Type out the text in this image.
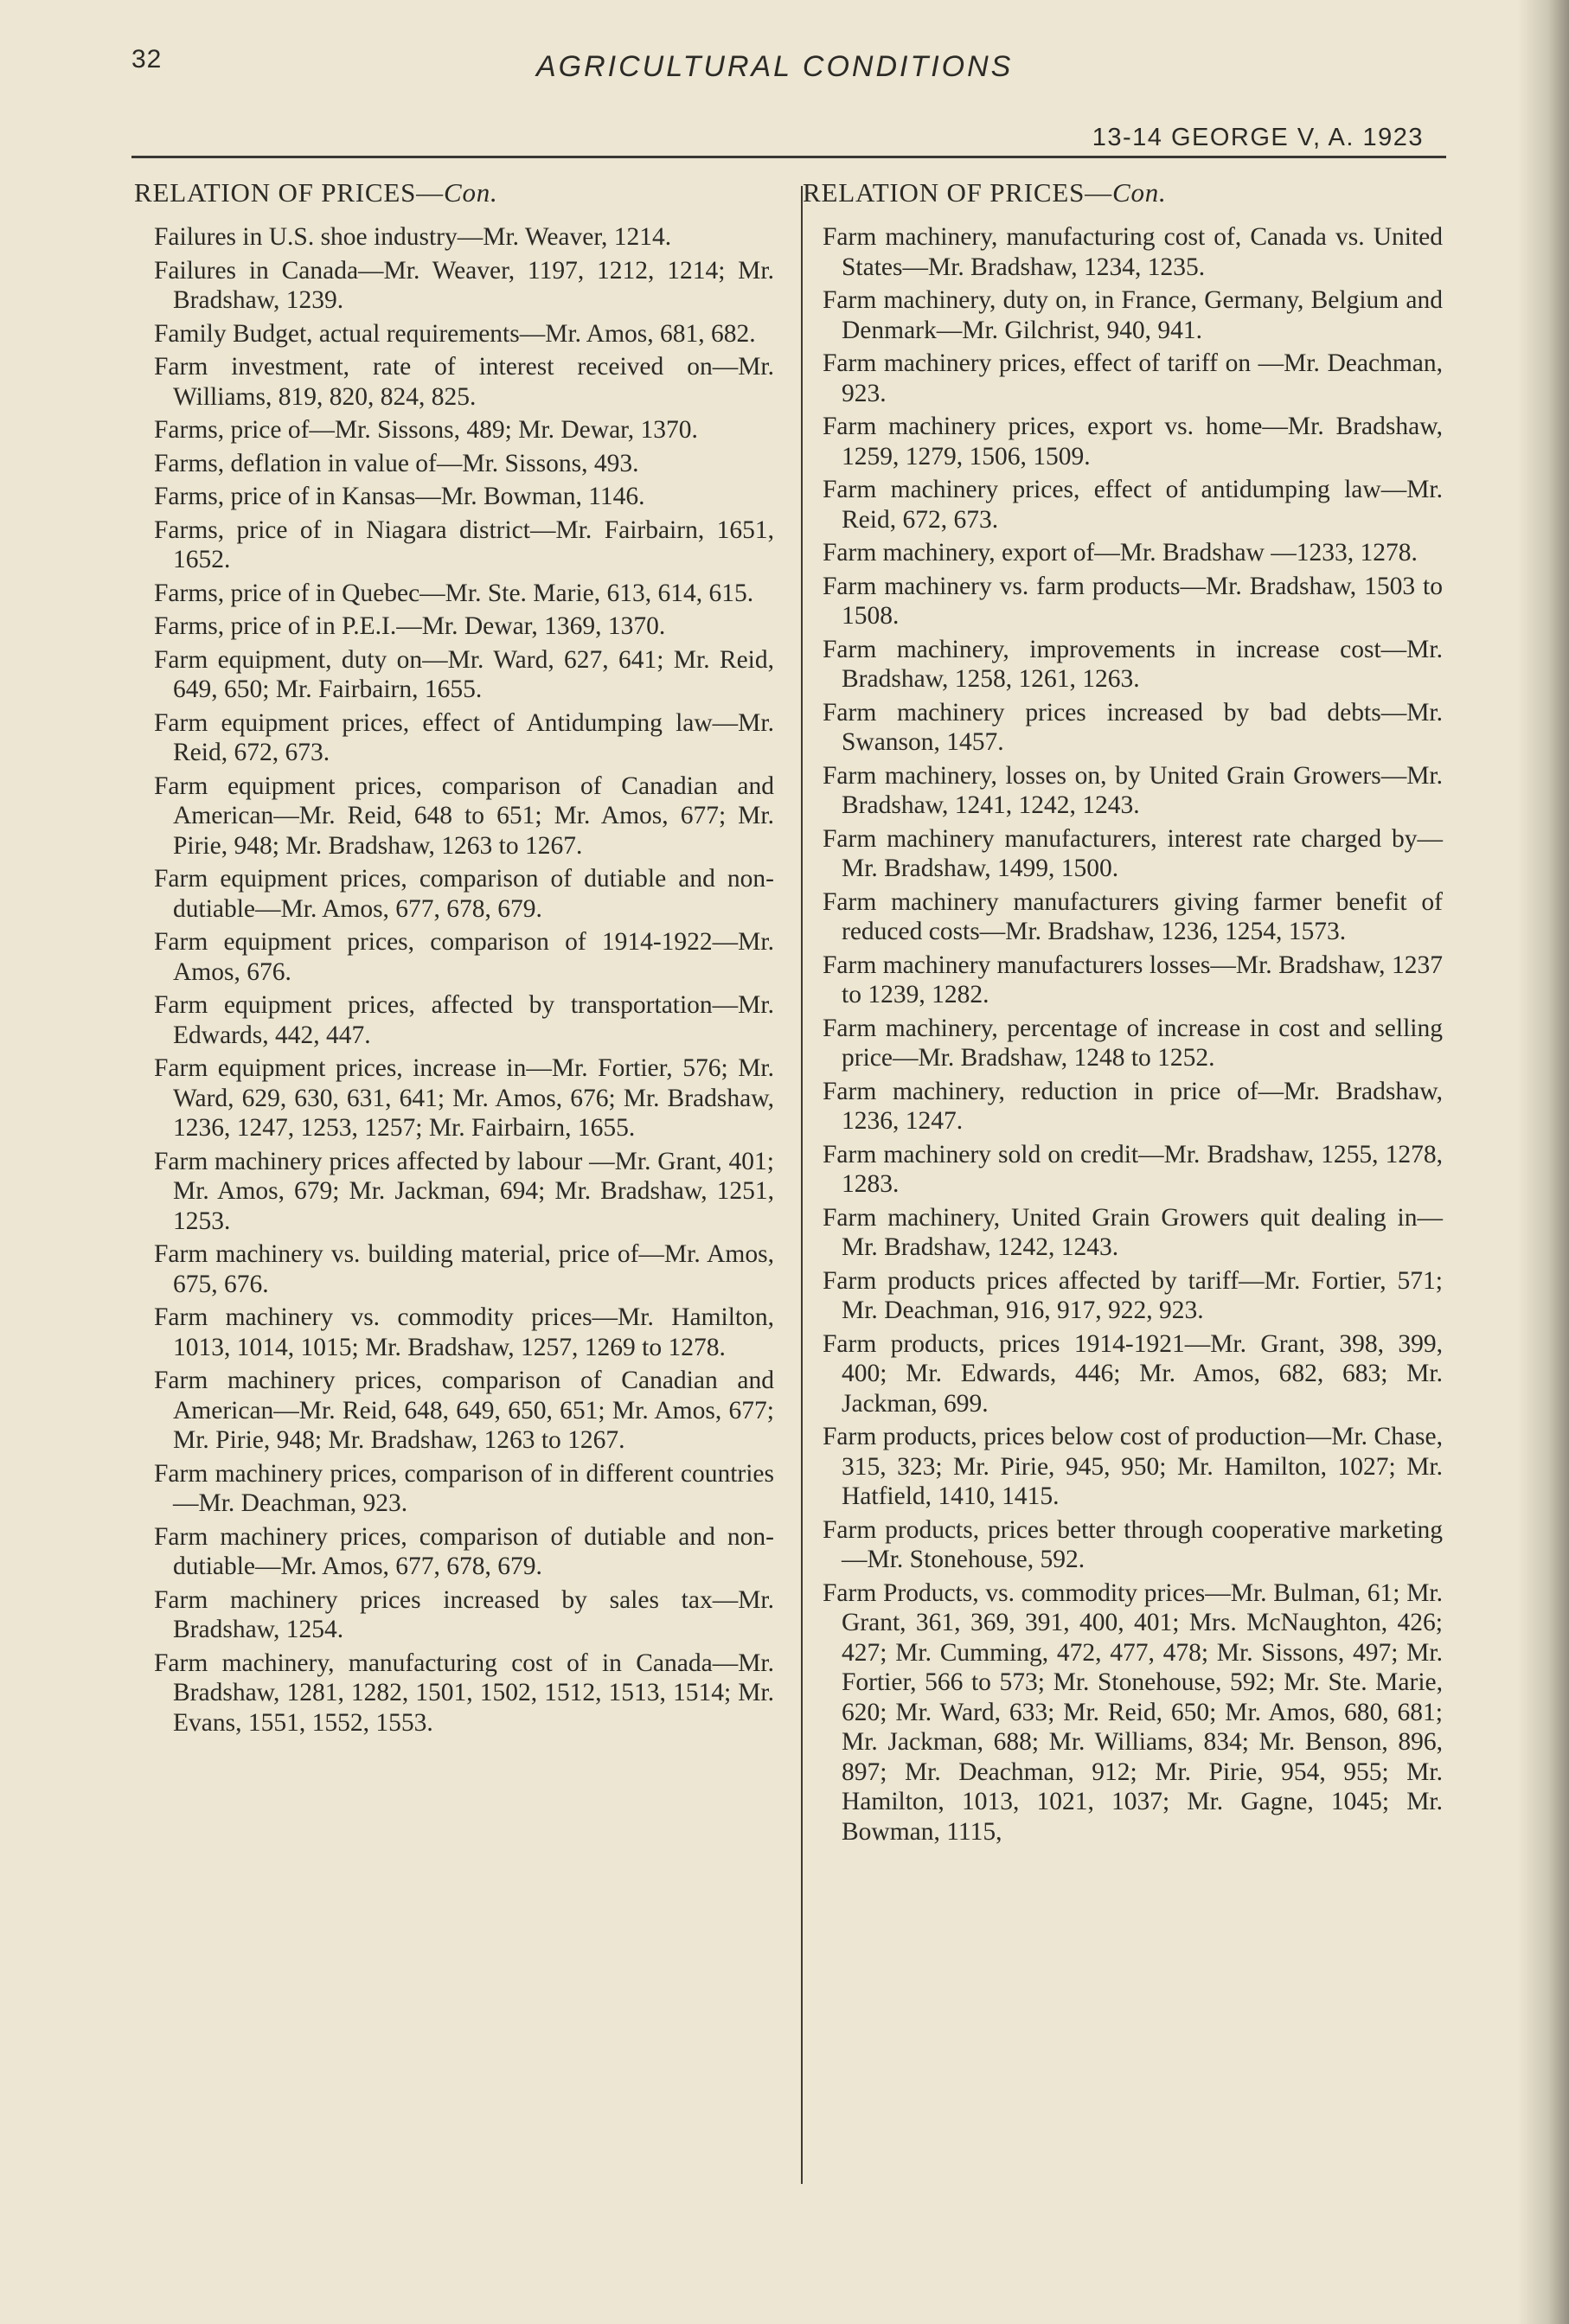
32	AGRICULTURAL CONDITIONS
13-14 GEORGE V, A. 1923
RELATION OF PRICES—Con.
Failures in U.S. shoe industry—Mr. Weaver, 1214.
Failures in Canada—Mr. Weaver, 1197, 1212, 1214; Mr. Bradshaw, 1239.
Family Budget, actual requirements—Mr. Amos, 681, 682.
Farm investment, rate of interest received on—Mr. Williams, 819, 820, 824, 825.
Farms, price of—Mr. Sissons, 489; Mr. Dewar, 1370.
Farms, deflation in value of—Mr. Sissons, 493.
Farms, price of in Kansas—Mr. Bowman, 1146.
Farms, price of in Niagara district—Mr. Fairbairn, 1651, 1652.
Farms, price of in Quebec—Mr. Ste. Marie, 613, 614, 615.
Farms, price of in P.E.I.—Mr. Dewar, 1369, 1370.
Farm equipment, duty on—Mr. Ward, 627, 641; Mr. Reid, 649, 650; Mr. Fairbairn, 1655.
Farm equipment prices, effect of Antidumping law—Mr. Reid, 672, 673.
Farm equipment prices, comparison of Canadian and American—Mr. Reid, 648 to 651; Mr. Amos, 677; Mr. Pirie, 948; Mr. Bradshaw, 1263 to 1267.
Farm equipment prices, comparison of dutiable and non-dutiable—Mr. Amos, 677, 678, 679.
Farm equipment prices, comparison of 1914-1922—Mr. Amos, 676.
Farm equipment prices, affected by transportation—Mr. Edwards, 442, 447.
Farm equipment prices, increase in—Mr. Fortier, 576; Mr. Ward, 629, 630, 631, 641; Mr. Amos, 676; Mr. Bradshaw, 1236, 1247, 1253, 1257; Mr. Fairbairn, 1655.
Farm machinery prices affected by labour —Mr. Grant, 401; Mr. Amos, 679; Mr. Jackman, 694; Mr. Bradshaw, 1251, 1253.
Farm machinery vs. building material, price of—Mr. Amos, 675, 676.
Farm machinery vs. commodity prices—Mr. Hamilton, 1013, 1014, 1015; Mr. Bradshaw, 1257, 1269 to 1278.
Farm machinery prices, comparison of Canadian and American—Mr. Reid, 648, 649, 650, 651; Mr. Amos, 677; Mr. Pirie, 948; Mr. Bradshaw, 1263 to 1267.
Farm machinery prices, comparison of in different countries—Mr. Deachman, 923.
Farm machinery prices, comparison of dutiable and non-dutiable—Mr. Amos, 677, 678, 679.
Farm machinery prices increased by sales tax—Mr. Bradshaw, 1254.
Farm machinery, manufacturing cost of in Canada—Mr. Bradshaw, 1281, 1282, 1501, 1502, 1512, 1513, 1514; Mr. Evans, 1551, 1552, 1553.
RELATION OF PRICES—Con.
Farm machinery, manufacturing cost of, Canada vs. United States—Mr. Bradshaw, 1234, 1235.
Farm machinery, duty on, in France, Germany, Belgium and Denmark—Mr. Gilchrist, 940, 941.
Farm machinery prices, effect of tariff on —Mr. Deachman, 923.
Farm machinery prices, export vs. home—Mr. Bradshaw, 1259, 1279, 1506, 1509.
Farm machinery prices, effect of antidumping law—Mr. Reid, 672, 673.
Farm machinery, export of—Mr. Bradshaw —1233, 1278.
Farm machinery vs. farm products—Mr. Bradshaw, 1503 to 1508.
Farm machinery, improvements in increase cost—Mr. Bradshaw, 1258, 1261, 1263.
Farm machinery prices increased by bad debts—Mr. Swanson, 1457.
Farm machinery, losses on, by United Grain Growers—Mr. Bradshaw, 1241, 1242, 1243.
Farm machinery manufacturers, interest rate charged by—Mr. Bradshaw, 1499, 1500.
Farm machinery manufacturers giving farmer benefit of reduced costs—Mr. Bradshaw, 1236, 1254, 1573.
Farm machinery manufacturers losses—Mr. Bradshaw, 1237 to 1239, 1282.
Farm machinery, percentage of increase in cost and selling price—Mr. Bradshaw, 1248 to 1252.
Farm machinery, reduction in price of—Mr. Bradshaw, 1236, 1247.
Farm machinery sold on credit—Mr. Bradshaw, 1255, 1278, 1283.
Farm machinery, United Grain Growers quit dealing in—Mr. Bradshaw, 1242, 1243.
Farm products prices affected by tariff—Mr. Fortier, 571; Mr. Deachman, 916, 917, 922, 923.
Farm products, prices 1914-1921—Mr. Grant, 398, 399, 400; Mr. Edwards, 446; Mr. Amos, 682, 683; Mr. Jackman, 699.
Farm products, prices below cost of production—Mr. Chase, 315, 323; Mr. Pirie, 945, 950; Mr. Hamilton, 1027; Mr. Hatfield, 1410, 1415.
Farm products, prices better through cooperative marketing—Mr. Stonehouse, 592.
Farm Products, vs. commodity prices—Mr. Bulman, 61; Mr. Grant, 361, 369, 391, 400, 401; Mrs. McNaughton, 426; 427; Mr. Cumming, 472, 477, 478; Mr. Sissons, 497; Mr. Fortier, 566 to 573; Mr. Stonehouse, 592; Mr. Ste. Marie, 620; Mr. Ward, 633; Mr. Reid, 650; Mr. Amos, 680, 681; Mr. Jackman, 688; Mr. Williams, 834; Mr. Benson, 896, 897; Mr. Deachman, 912; Mr. Pirie, 954, 955; Mr. Hamilton, 1013, 1021, 1037; Mr. Gagne, 1045; Mr. Bowman, 1115,
